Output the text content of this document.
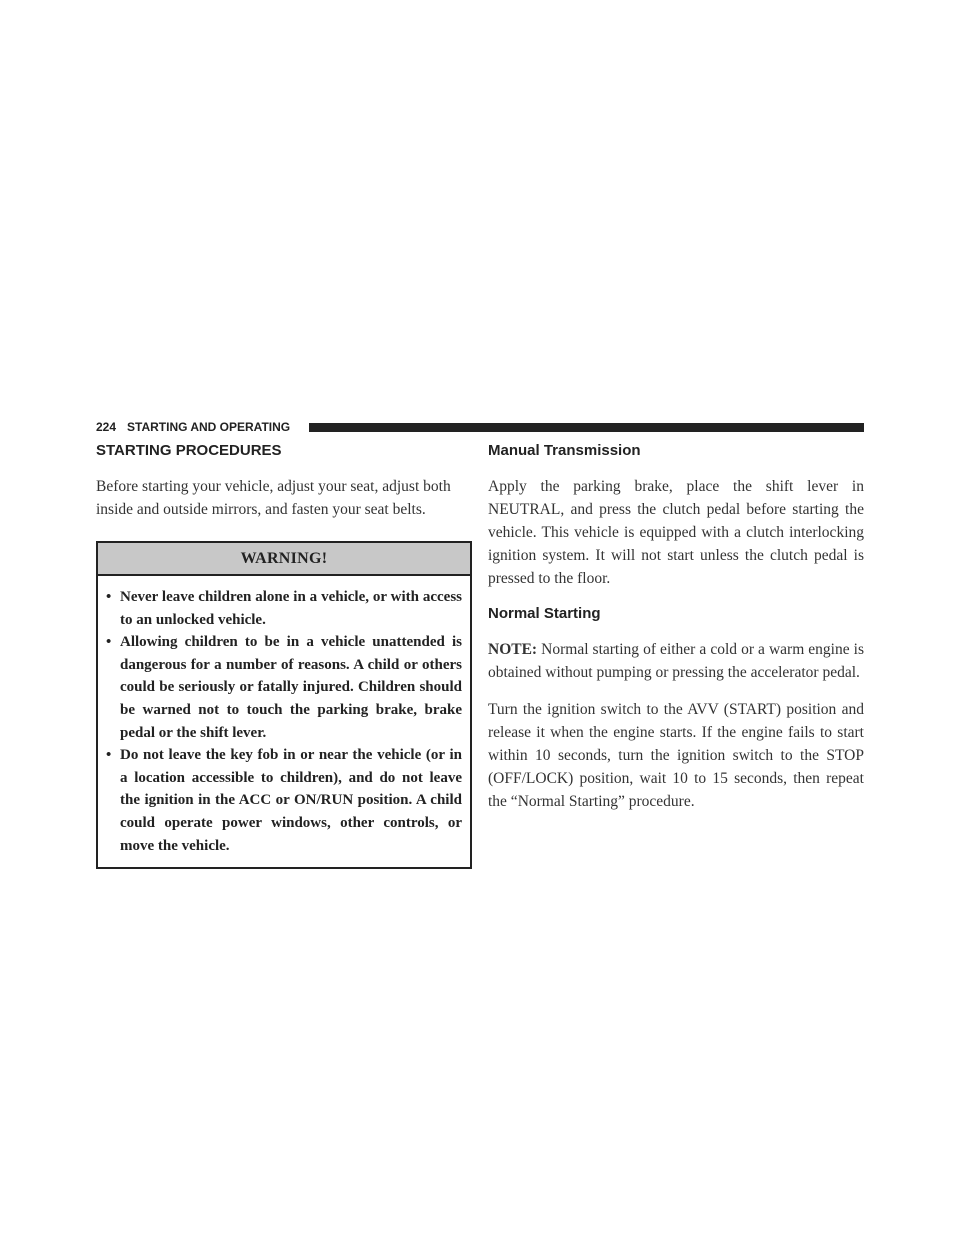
224 STARTING AND OPERATING
STARTING PROCEDURES

Before starting your vehicle, adjust your seat, adjust both inside and outside mirrors, and fasten your seat belts.

WARNING!
• Never leave children alone in a vehicle, or with access to an unlocked vehicle.
• Allowing children to be in a vehicle unattended is dangerous for a number of reasons. A child or others could be seriously or fatally injured. Children should be warned not to touch the parking brake, brake pedal or the shift lever.
• Do not leave the key fob in or near the vehicle (or in a location accessible to children), and do not leave the ignition in the ACC or ON/RUN position. A child could operate power windows, other controls, or move the vehicle.
Manual Transmission

Apply the parking brake, place the shift lever in NEUTRAL, and press the clutch pedal before starting the vehicle. This vehicle is equipped with a clutch interlocking ignition system. It will not start unless the clutch pedal is pressed to the floor.

Normal Starting

NOTE: Normal starting of either a cold or a warm engine is obtained without pumping or pressing the accelerator pedal.

Turn the ignition switch to the AVV (START) position and release it when the engine starts. If the engine fails to start within 10 seconds, turn the ignition switch to the STOP (OFF/LOCK) position, wait 10 to 15 seconds, then repeat the “Normal Starting” procedure.
